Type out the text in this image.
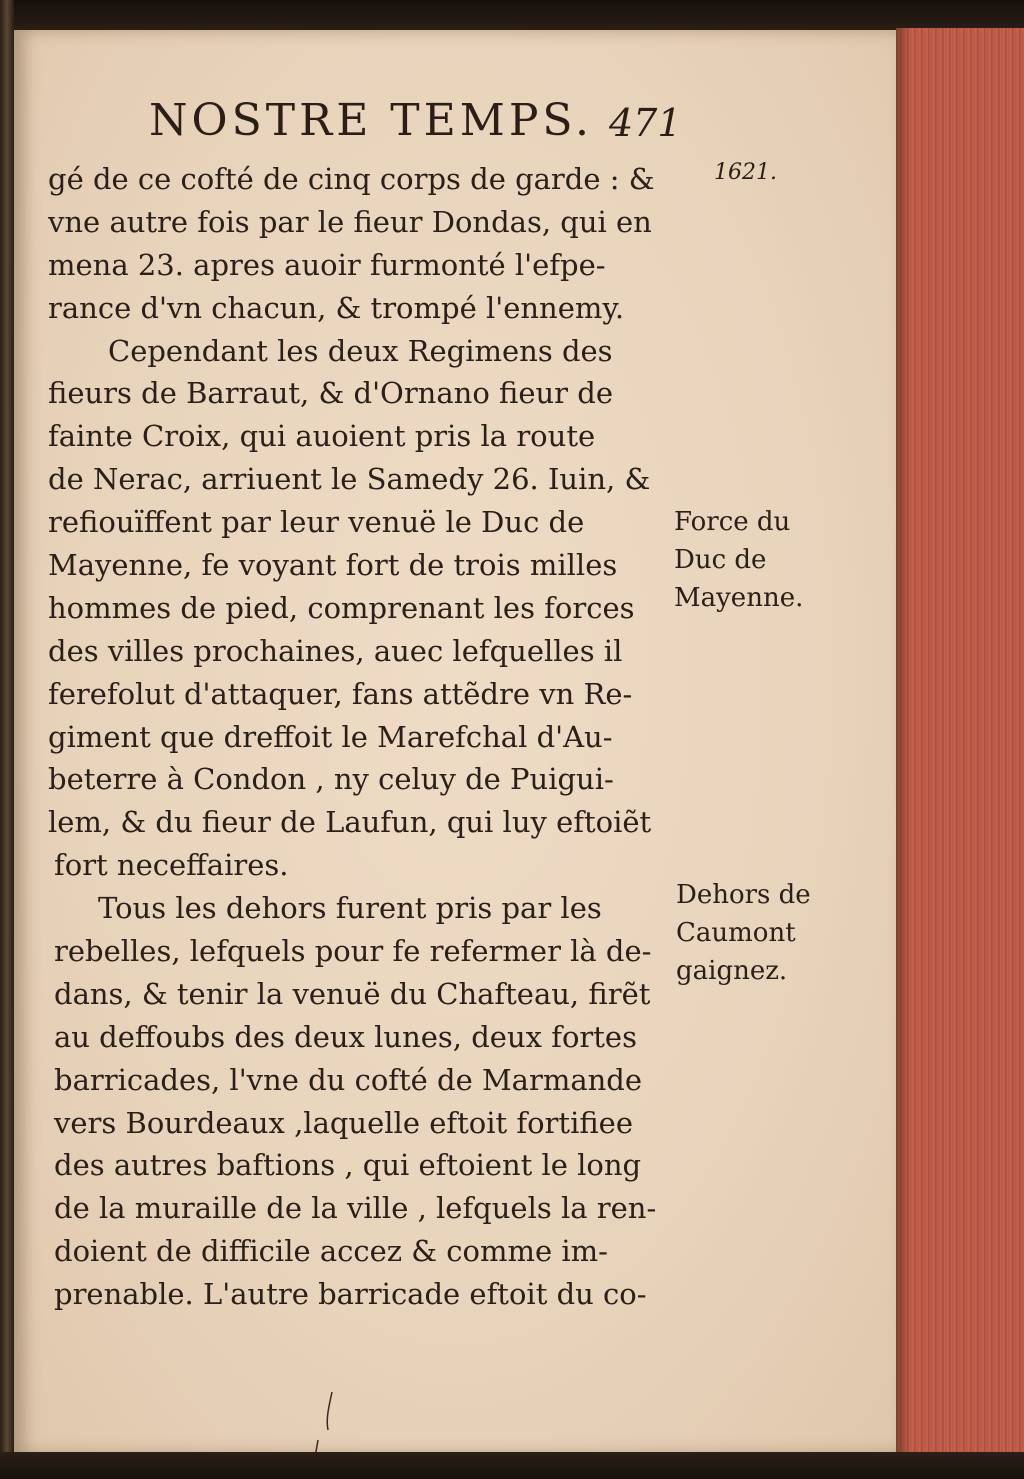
NOSTRE TEMPS. 471
gé de ce cofté de cinq corps de garde : &
vne autre fois par le fieur Dondas, qui en
mena 23. apres auoir furmonté l'efpe-
rance d'vn chacun, & trompé l'ennemy.
Cependant les deux Regimens des
fieurs de Barraut, & d'Ornano fieur de
fainte Croix, qui auoient pris la route
de Nerac, arriuent le Samedy 26. Iuin, &
refiouïffent par leur venuë le Duc de
Mayenne, fe voyant fort de trois milles
hommes de pied, comprenant les forces
des villes prochaines, auec lefquelles il
ferefolut d'attaquer, fans attẽdre vn Re-
giment que dreffoit le Marefchal d'Au-
beterre à Condon , ny celuy de Puigui-
lem, & du fieur de Laufun, qui luy eftoiẽt
fort neceffaires.
Tous les dehors furent pris par les
rebelles, lefquels pour fe refermer là de-
dans, & tenir la venuë du Chafteau, firẽt
au deffoubs des deux lunes, deux fortes
barricades, l'vne du cofté de Marmande
vers Bourdeaux ,laquelle eftoit fortifiee
des autres baftions , qui eftoient le long
de la muraille de la ville , lefquels la ren-
doient de difficile accez & comme im-
prenable. L'autre barricade eftoit du co-
1621.
Force du
Duc de
Mayenne.
Dehors de
Caumont
gaignez.
